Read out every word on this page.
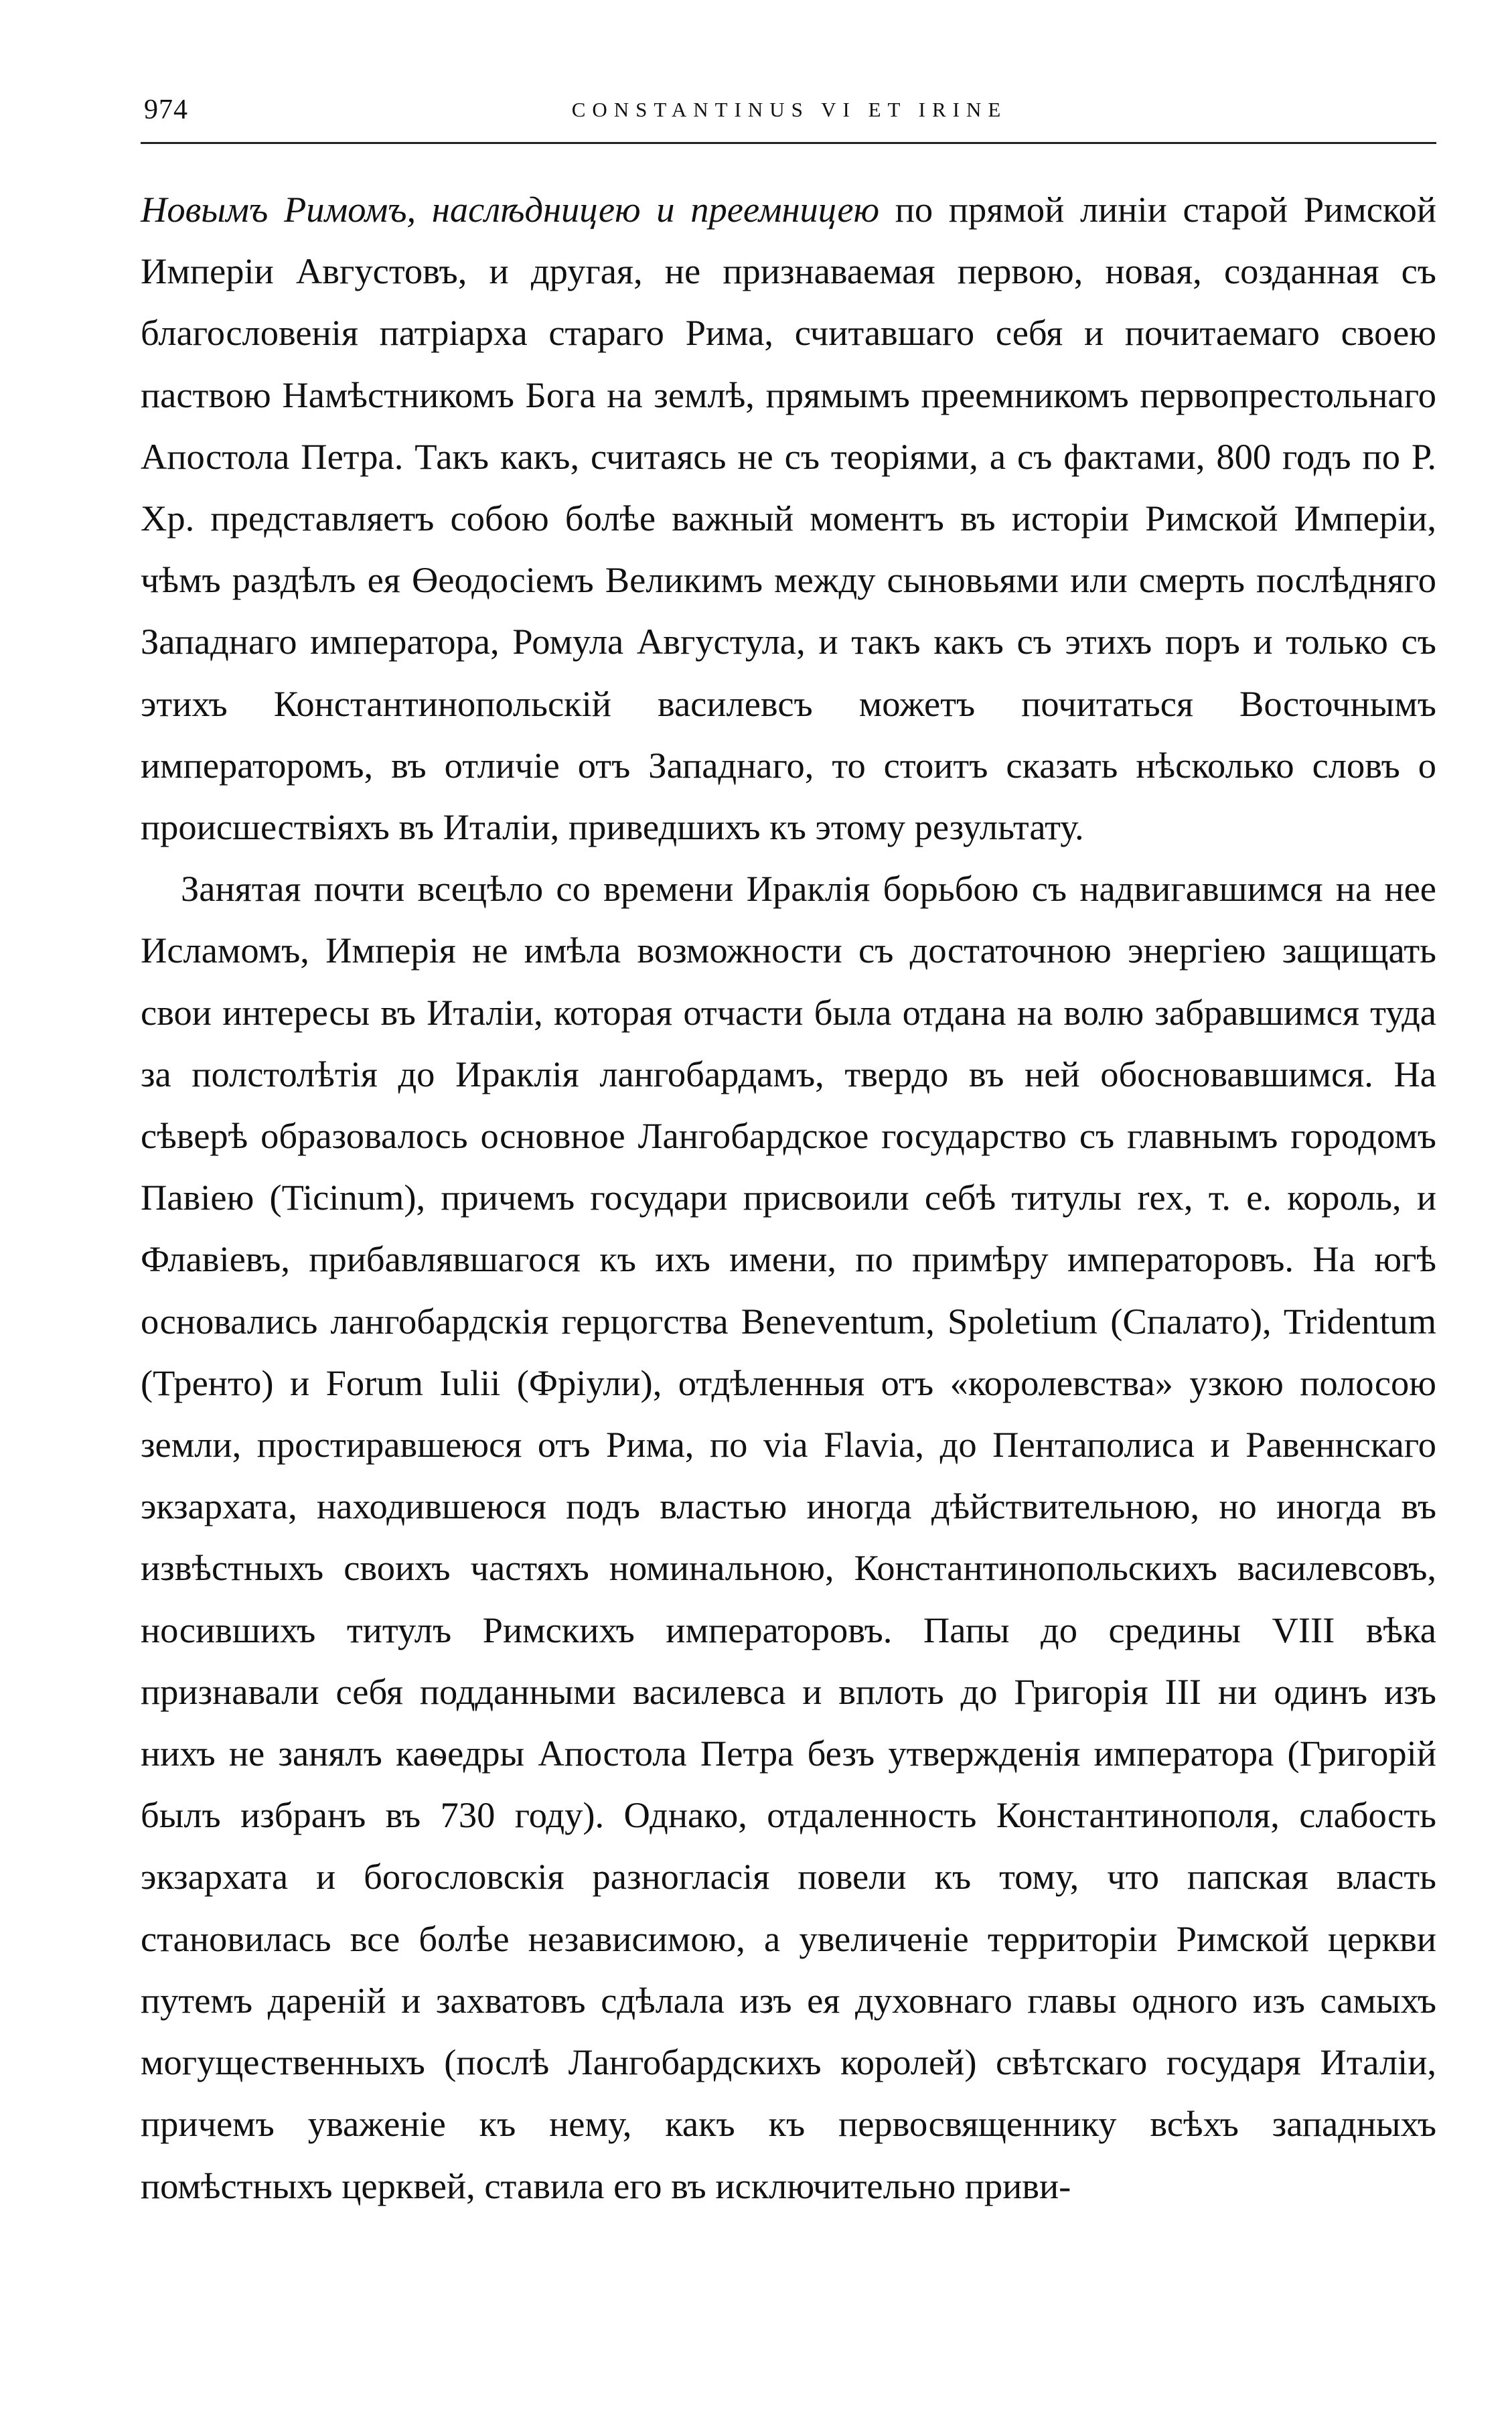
974	CONSTANTINUS VI ET IRINE

Новымъ Римомъ, наслѣдницею и преемницею по прямой линіи старой Римской Имперіи Августовъ, и другая, не признаваемая первою, новая, созданная съ благословенія патріарха стараго Рима, считавшаго себя и почитаемаго своею паствою Намѣстникомъ Бога на землѣ, прямымъ преемникомъ первопрестольнаго Апостола Петра. Такъ какъ, считаясь не съ теоріями, а съ фактами, 800 годъ по Р. Хр. представляетъ собою болѣе важный моментъ въ исторіи Римской Имперіи, чѣмъ раздѣлъ ея Өеодосіемъ Великимъ между сыновьями или смерть послѣдняго Западнаго императора, Ромула Августула, и такъ какъ съ этихъ поръ и только съ этихъ Константинопольскій василевсъ можетъ почитаться Восточнымъ императоромъ, въ отличіе отъ Западнаго, то стоитъ сказать нѣсколько словъ о происшествіяхъ въ Италіи, приведшихъ къ этому результату.

Занятая почти всецѣло со времени Ираклія борьбою съ надвигавшимся на нее Исламомъ, Имперія не имѣла возможности съ достаточною энергіею защищать свои интересы въ Италіи, которая отчасти была отдана на волю забравшимся туда за полстолѣтія до Ираклія лангобардамъ, твердо въ ней обосновавшимся. На сѣверѣ образовалось основное Лангобардское государство съ главнымъ городомъ Павіею (Ticinum), причемъ государи присвоили себѣ титулы rex, т. е. король, и Флавіевъ, прибавлявшагося къ ихъ имени, по примѣру императоровъ. На югѣ основались лангобардскія герцогства Beneventum, Spoletium (Спалато), Tridentum (Тренто) и Forum Iulii (Фріули), отдѣленныя отъ «королевства» узкою полосою земли, простиравшеюся отъ Рима, по via Flavia, до Пентаполиса и Равеннскаго экзархата, находившеюся подъ властью иногда дѣйствительною, но иногда въ извѣстныхъ своихъ частяхъ номинальною, Константинопольскихъ василевсовъ, носившихъ титулъ Римскихъ императоровъ. Папы до средины VIII вѣка признавали себя подданными василевса и вплоть до Григорія III ни одинъ изъ нихъ не занялъ каѳедры Апостола Петра безъ утвержденія императора (Григорій былъ избранъ въ 730 году). Однако, отдаленность Константинополя, слабость экзархата и богословскія разногласія повели къ тому, что папская власть становилась все болѣе независимою, а увеличеніе территоріи Римской церкви путемъ дареній и захватовъ сдѣлала изъ ея духовнаго главы одного изъ самыхъ могущественныхъ (послѣ Лангобардскихъ королей) свѣтскаго государя Италіи, причемъ уваженіе къ нему, какъ къ первосвященнику всѣхъ западныхъ помѣстныхъ церквей, ставила его въ исключительно приви-
